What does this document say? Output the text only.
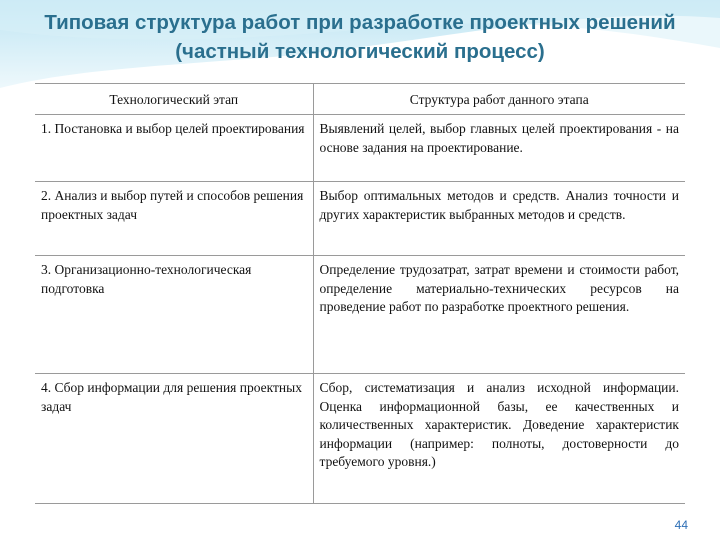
Типовая структура работ при разработке проектных решений
(частный технологический процесс)
Технологический этап	Структура работ данного этапа
1. Постановка и выбор целей проектирования	Выявлений целей, выбор главных целей проектирования - на основе задания на проектирование.
2. Анализ и выбор путей и способов решения проектных задач	Выбор оптимальных методов и средств. Анализ точности и других характеристик выбранных методов и средств.
3. Организационно-технологическая подготовка	Определение трудозатрат, затрат времени и стоимости работ, определение материально-технических ресурсов на проведение работ по разработке проектного решения.
4. Сбор информации для решения проектных задач	Сбор, систематизация и анализ исходной информации. Оценка информационной базы, ее качественных и количественных характеристик. Доведение характеристик информации (например: полноты, достоверности до требуемого уровня.)
44
